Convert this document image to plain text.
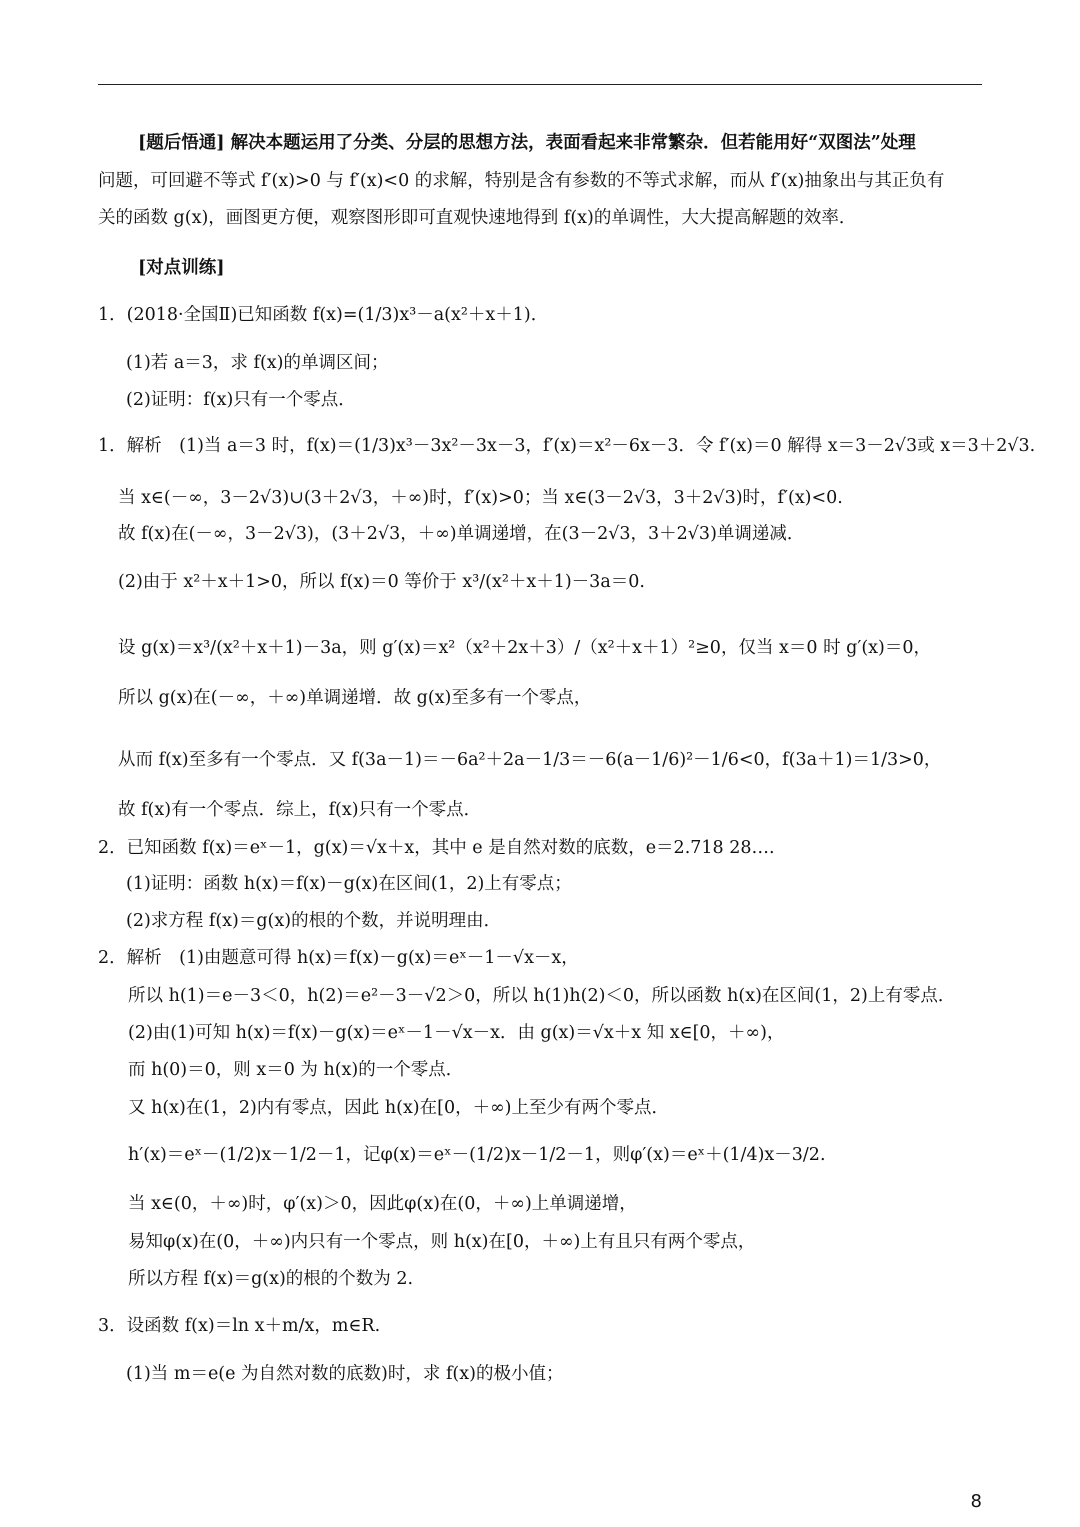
[题后悟通] 解决本题运用了分类、分层的思想方法，表面看起来非常繁杂．但若能用好“双图法”处理
问题，可回避不等式 f′(x)>0 与 f′(x)<0 的求解，特别是含有参数的不等式求解，而从 f′(x)抽象出与其正负有
关的函数 g(x)，画图更方便，观察图形即可直观快速地得到 f(x)的单调性，大大提高解题的效率．
[对点训练]
1．(2018·全国Ⅱ)已知函数 f(x)=(1/3)x³－a(x²＋x＋1)．
(1)若 a＝3，求 f(x)的单调区间；
(2)证明：f(x)只有一个零点．
1．解析　(1)当 a＝3 时，f(x)＝(1/3)x³－3x²－3x－3，f′(x)＝x²－6x－3．令 f′(x)＝0 解得 x＝3－2√3或 x＝3＋2√3.
当 x∈(－∞，3－2√3)∪(3＋2√3，＋∞)时，f′(x)>0；当 x∈(3－2√3，3＋2√3)时，f′(x)<0.
故 f(x)在(－∞，3－2√3)，(3＋2√3，＋∞)单调递增，在(3－2√3，3＋2√3)单调递减．
(2)由于 x²＋x＋1>0，所以 f(x)＝0 等价于 x³/(x²＋x＋1)－3a＝0.
设 g(x)＝x³/(x²＋x＋1)－3a，则 g′(x)＝x²（x²＋2x＋3）/（x²＋x＋1）²≥0，仅当 x＝0 时 g′(x)＝0，
所以 g(x)在(－∞，＋∞)单调递增．故 g(x)至多有一个零点，
从而 f(x)至多有一个零点．又 f(3a－1)＝－6a²＋2a－1/3＝－6(a－1/6)²－1/6<0，f(3a＋1)＝1/3>0，
故 f(x)有一个零点．综上，f(x)只有一个零点．
2．已知函数 f(x)＝eˣ－1，g(x)＝√x＋x，其中 e 是自然对数的底数，e＝2.718 28….
(1)证明：函数 h(x)＝f(x)－g(x)在区间(1，2)上有零点；
(2)求方程 f(x)＝g(x)的根的个数，并说明理由．
2．解析　(1)由题意可得 h(x)＝f(x)－g(x)＝eˣ－1－√x－x，
所以 h(1)＝e－3＜0，h(2)＝e²－3－√2＞0，所以 h(1)h(2)＜0，所以函数 h(x)在区间(1，2)上有零点．
(2)由(1)可知 h(x)＝f(x)－g(x)＝eˣ－1－√x－x．由 g(x)＝√x＋x 知 x∈[0，＋∞)，
而 h(0)＝0，则 x＝0 为 h(x)的一个零点．
又 h(x)在(1，2)内有零点，因此 h(x)在[0，＋∞)上至少有两个零点．
h′(x)＝eˣ－(1/2)x－1/2－1，记φ(x)＝eˣ－(1/2)x－1/2－1，则φ′(x)＝eˣ＋(1/4)x－3/2.
当 x∈(0，＋∞)时，φ′(x)＞0，因此φ(x)在(0，＋∞)上单调递增，
易知φ(x)在(0，＋∞)内只有一个零点，则 h(x)在[0，＋∞)上有且只有两个零点，
所以方程 f(x)＝g(x)的根的个数为 2.
3．设函数 f(x)＝ln x＋m/x，m∈R.
(1)当 m＝e(e 为自然对数的底数)时，求 f(x)的极小值；
8
